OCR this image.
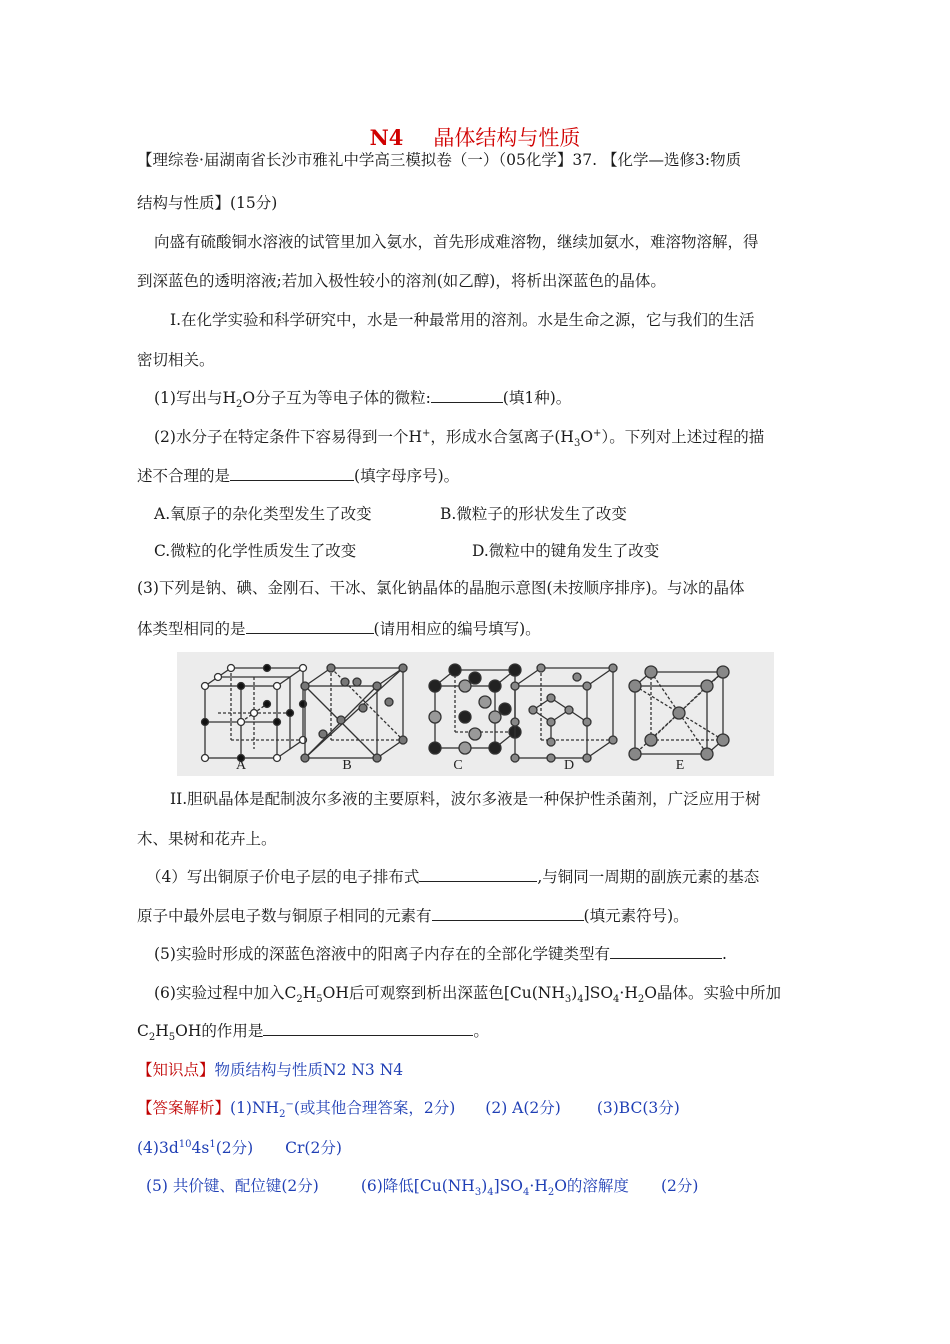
N4 晶体结构与性质
【理综卷·届湖南省长沙市雅礼中学高三模拟卷（一）（05化学】37. 【化学—选修3:物质
结构与性质】(15分)
向盛有硫酸铜水溶液的试管里加入氨水，首先形成难溶物，继续加氨水，难溶物溶解，得
到深蓝色的透明溶液;若加入极性较小的溶剂(如乙醇)，将析出深蓝色的晶体。
I.在化学实验和科学研究中，水是一种最常用的溶剂。水是生命之源，它与我们的生活
密切相关。
(1)写出与$H_2O$分子互为等电子体的微粒:	(填1种)。
(2)水分子在特定条件下容易得到一个H+，形成水合氢离子$(H_3O^+)$。下列对上述过程的描
述不合理的是	(填字母序号)。
A.氧原子的杂化类型发生了改变	B.微粒子的形状发生了改变
C.微粒的化学性质发生了改变	D.微粒中的键角发生了改变
(3)下列是钠、碘、金刚石、干冰、氯化钠晶体的晶胞示意图(未按顺序排序)。与冰的晶体
体类型相同的是	(请用相应的编号填写)。
A	B	C	D	E
II.胆矾晶体是配制波尔多液的主要原料，波尔多液是一种保护性杀菌剂，广泛应用于树
木、果树和花卉上。
（4）写出铜原子价电子层的电子排布式	,与铜同一周期的副族元素的基态
原子中最外层电子数与铜原子相同的元素有	(填元素符号)。
(5)实验时形成的深蓝色溶液中的阳离子内存在的全部化学键类型有	.
(6)实验过程中加入$C_2H_5OH$后可观察到析出深蓝色$[Cu(NH_3)_4]SO_4\cdot H_2O$晶体。实验中所加
$C_2H_5OH$的作用是	。
【知识点】物质结构与性质N2 N3 N4
【答案解析】$(1)NH_2^-$(或其他合理答案，2分) (2) A(2分) (3)BC(3分)
$(4)3d^{10}4s^1(2$分) Cr(2分)
(5) 共价键、配位键(2分)	(6)降低$[Cu(NH_3)_4]SO_4\cdot H_2O$的溶解度 (2分)
